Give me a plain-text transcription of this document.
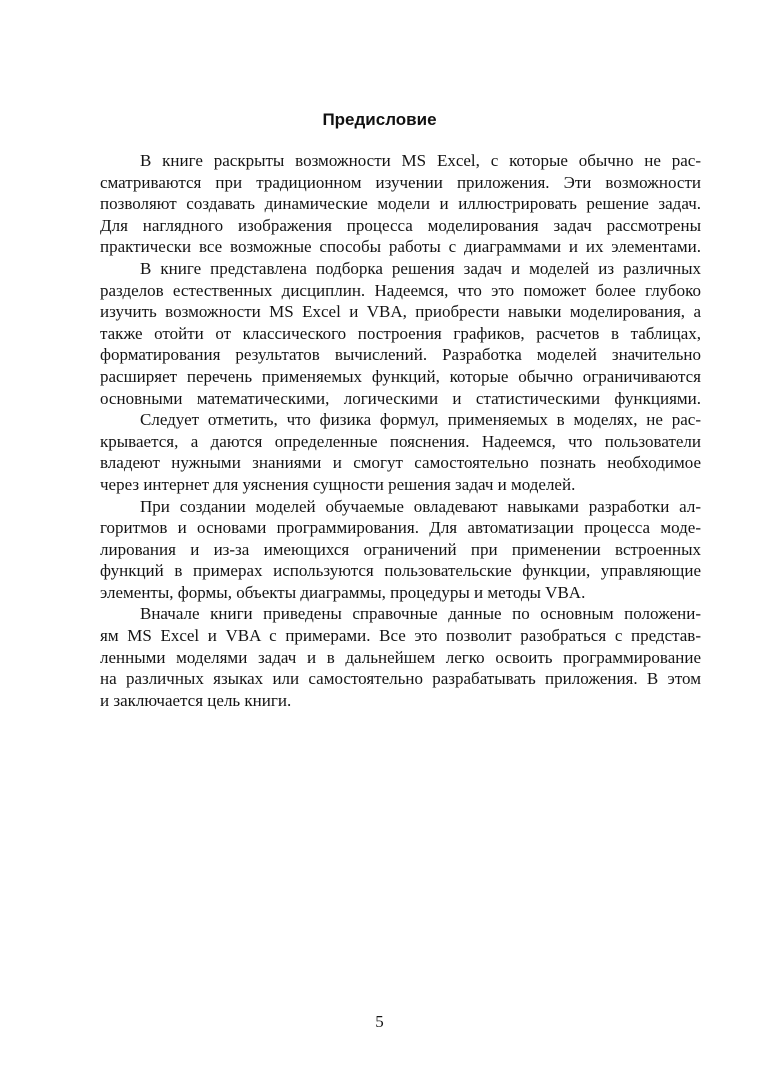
Предисловие

В книге раскрыты возможности MS Excel, с которые обычно не рас-
сматриваются при традиционном изучении приложения. Эти возможности
позволяют создавать динамические модели и иллюстрировать решение задач.
Для наглядного изображения процесса моделирования задач рассмотрены
практически все возможные способы работы с диаграммами и их элементами.

В книге представлена подборка решения задач и моделей из различных
разделов естественных дисциплин. Надеемся, что это поможет более глубоко
изучить возможности MS Excel и VBA, приобрести навыки моделирования, а
также отойти от классического построения графиков, расчетов в таблицах,
форматирования результатов вычислений. Разработка моделей значительно
расширяет перечень применяемых функций, которые обычно ограничиваются
основными математическими, логическими и статистическими функциями.

Следует отметить, что физика формул, применяемых в моделях, не рас-
крывается, а даются определенные пояснения. Надеемся, что пользователи
владеют нужными знаниями и смогут самостоятельно познать необходимое
через интернет для уяснения сущности решения задач и моделей.

При создании моделей обучаемые овладевают навыками разработки ал-
горитмов и основами программирования. Для автоматизации процесса моде-
лирования и из-за имеющихся ограничений при применении встроенных
функций в примерах используются пользовательские функции, управляющие
элементы, формы, объекты диаграммы, процедуры и методы VBA.

Вначале книги приведены справочные данные по основным положени-
ям MS Excel и VBA с примерами. Все это позволит разобраться с представ-
ленными моделями задач и в дальнейшем легко освоить программирование
на различных языках или самостоятельно разрабатывать приложения. В этом
и заключается цель книги.

5
